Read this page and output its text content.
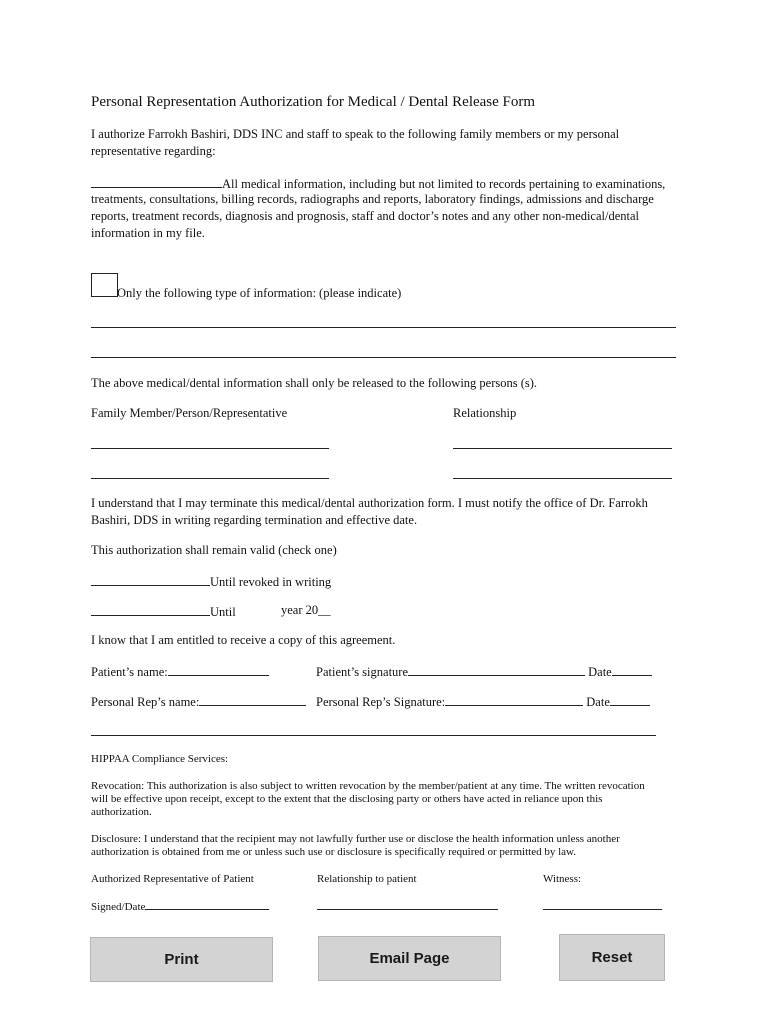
Personal Representation Authorization for Medical / Dental Release Form
I authorize Farrokh Bashiri, DDS INC and staff to speak to the following family members or my personal
representative regarding:
All medical information, including but not limited to records pertaining to examinations,
treatments, consultations, billing records, radiographs and reports, laboratory findings, admissions and discharge
reports, treatment records, diagnosis and prognosis, staff and doctor’s notes and any other non-medical/dental
information in my file.
Only the following type of information: (please indicate)
The above medical/dental information shall only be released to the following persons (s).
Family Member/Person/Representative	Relationship
I understand that I may terminate this medical/dental authorization form. I must notify the office of Dr. Farrokh
Bashiri, DDS in writing regarding termination and effective date.
This authorization shall remain valid (check one)
Until revoked in writing
Until	year 20__
I know that I am entitled to receive a copy of this agreement.
Patient’s name:	Patient’s signature	Date
Personal Rep’s name:	Personal Rep’s Signature:	Date
HIPPAA Compliance Services:
Revocation: This authorization is also subject to written revocation by the member/patient at any time. The written revocation
will be effective upon receipt, except to the extent that the disclosing party or others have acted in reliance upon this
authorization.
Disclosure: I understand that the recipient may not lawfully further use or disclose the health information unless another
authorization is obtained from me or unless such use or disclosure is specifically required or permitted by law.
Authorized Representative of Patient	Relationship to patient	Witness:
Signed/Date
Print	Email Page	Reset
